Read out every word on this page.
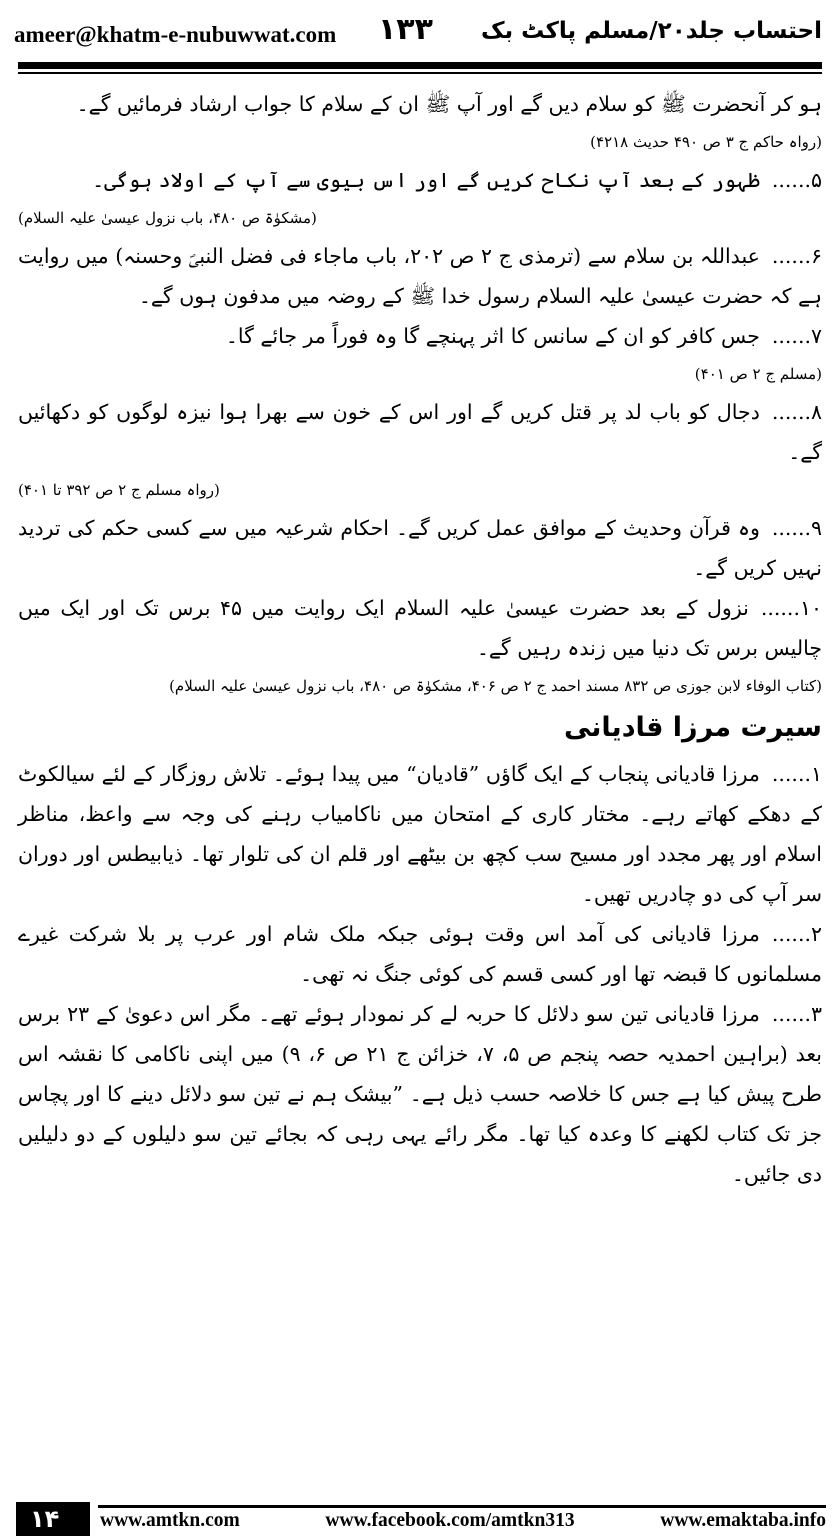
ameer@khatm-e-nubuwwat.com ۱۳۳ احتساب جلد۲۰/مسلم پاکٹ بک

ہو کر آنحضرت ﷺ کو سلام دیں گے اور آپ ﷺ ان کے سلام کا جواب ارشاد فرمائیں گے۔

(رواہ حاکم ج ۳ ص ۴۹۰ حدیث ۴۲۱۸)

۵......ظہور کے بعد آپ نکاح کریں گے اور اس بیوی سے آپ کے اولاد ہوگی۔

(مشکوٰۃ ص ۴۸۰، باب نزول عیسیٰ علیہ السلام)

۶......عبداللہ بن سلام سے (ترمذی ج ۲ ص ۲۰۲، باب ماجاء فی فضل النبیؐ وحسنہ) میں روایت ہے کہ حضرت عیسیٰ علیہ السلام رسول خدا ﷺ کے روضہ میں مدفون ہوں گے۔

۷......جس کافر کو ان کے سانس کا اثر پہنچے گا وہ فوراً مر جائے گا۔

(مسلم ج ۲ ص ۴۰۱)

۸......دجال کو باب لد پر قتل کریں گے اور اس کے خون سے بھرا ہوا نیزہ لوگوں کو دکھائیں گے۔

(رواہ مسلم ج ۲ ص ۳۹۲ تا ۴۰۱)

۹......وہ قرآن وحدیث کے موافق عمل کریں گے۔ احکام شرعیہ میں سے کسی حکم کی تردید نہیں کریں گے۔

۱۰......نزول کے بعد حضرت عیسیٰ علیہ السلام ایک روایت میں ۴۵ برس تک اور ایک میں چالیس برس تک دنیا میں زندہ رہیں گے۔

(کتاب الوفاء لابن جوزی ص ۸۳۲ مسند احمد ج ۲ ص ۴۰۶، مشکوٰۃ ص ۴۸۰، باب نزول عیسیٰ علیہ السلام)

سیرت مرزا قادیانی

۱......مرزا قادیانی پنجاب کے ایک گاؤں ”قادیان“ میں پیدا ہوئے۔ تلاش روزگار کے لئے سیالکوٹ کے دھکے کھاتے رہے۔ مختار کاری کے امتحان میں ناکامیاب رہنے کی وجہ سے واعظ، مناظر اسلام اور پھر مجدد اور مسیح سب کچھ بن بیٹھے اور قلم ان کی تلوار تھا۔ ذیابیطس اور دوران سر آپ کی دو چادریں تھیں۔

۲......مرزا قادیانی کی آمد اس وقت ہوئی جبکہ ملک شام اور عرب پر بلا شرکت غیرے مسلمانوں کا قبضہ تھا اور کسی قسم کی کوئی جنگ نہ تھی۔

۳......مرزا قادیانی تین سو دلائل کا حربہ لے کر نمودار ہوئے تھے۔ مگر اس دعویٰ کے ۲۳ برس بعد (براہین احمدیہ حصہ پنجم ص ۵، ۷، خزائن ج ۲۱ ص ۶، ۹) میں اپنی ناکامی کا نقشہ اس طرح پیش کیا ہے جس کا خلاصہ حسب ذیل ہے۔ ”بیشک ہم نے تین سو دلائل دینے کا اور پچاس جز تک کتاب لکھنے کا وعدہ کیا تھا۔ مگر رائے یہی رہی کہ بجائے تین سو دلیلوں کے دو دلیلیں دی جائیں۔

۱۴	www.amtkn.com	www.facebook.com/amtkn313	www.emaktaba.info
